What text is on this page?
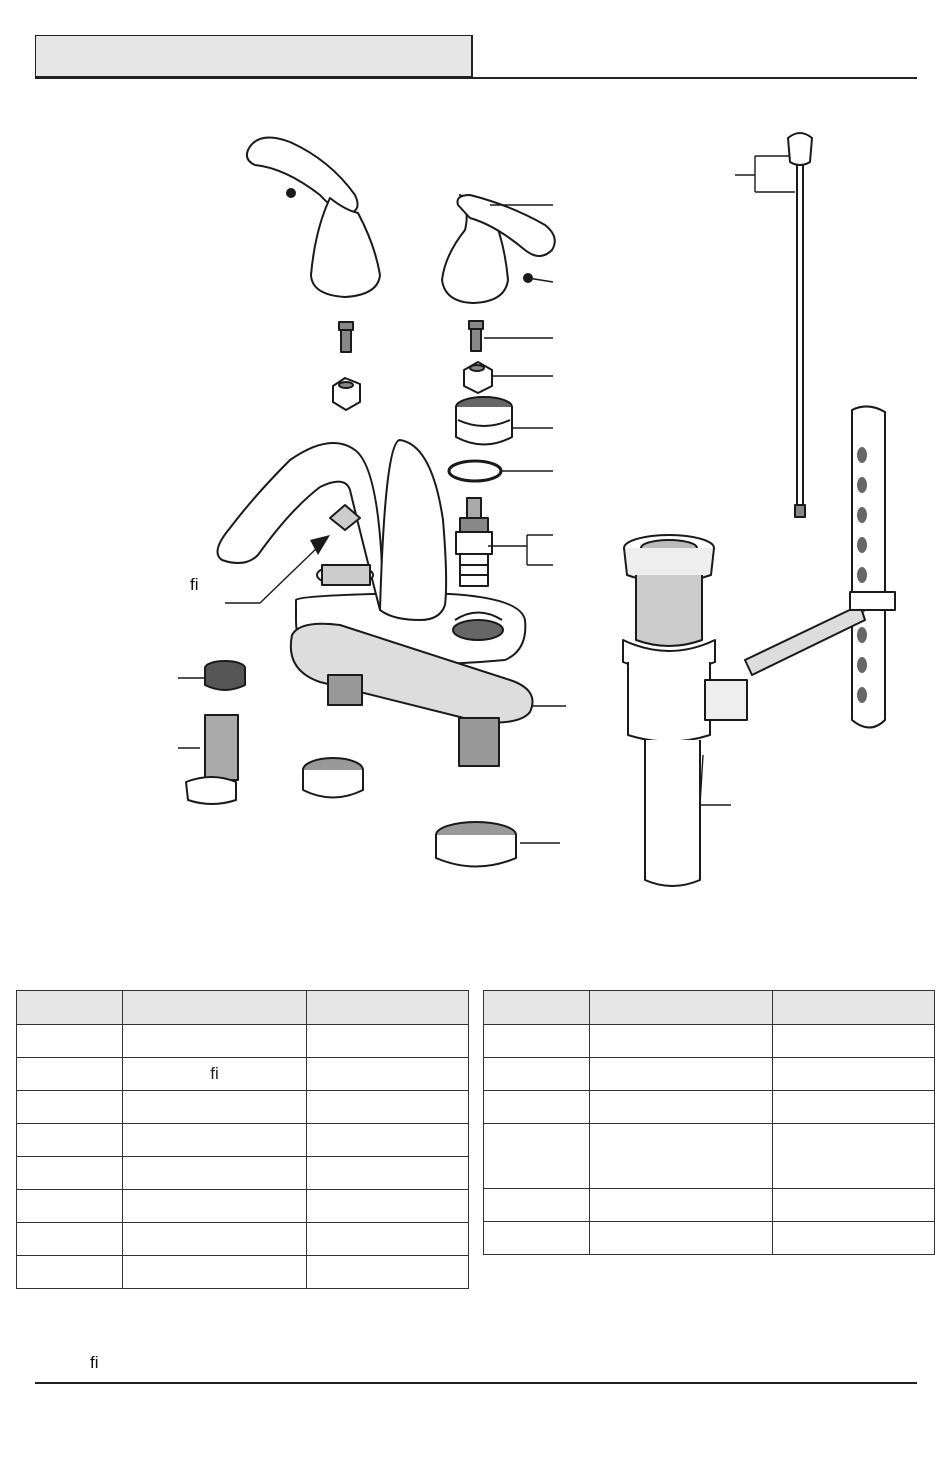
fi

	fi	

fi
